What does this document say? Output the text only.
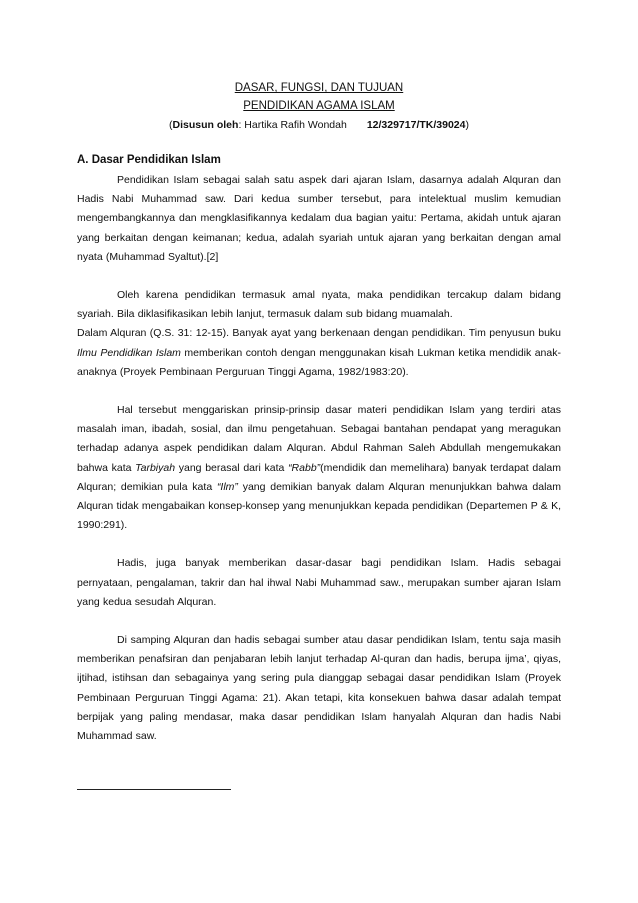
DASAR, FUNGSI, DAN TUJUAN
PENDIDIKAN AGAMA ISLAM
(Disusun oleh: Hartika Rafih Wondah 12/329717/TK/39024)
A. Dasar Pendidikan Islam

Pendidikan Islam sebagai salah satu aspek dari ajaran Islam, dasarnya adalah Alquran dan Hadis Nabi Muhammad saw. Dari kedua sumber tersebut, para intelektual muslim kemudian mengembangkannya dan mengklasifikannya kedalam dua bagian yaitu: Pertama, akidah untuk ajaran yang berkaitan dengan keimanan; kedua, adalah syariah untuk ajaran yang berkaitan dengan amal nyata (Muhammad Syaltut).[2]

Oleh karena pendidikan termasuk amal nyata, maka pendidikan tercakup dalam bidang syariah. Bila diklasifikasikan lebih lanjut, termasuk dalam sub bidang muamalah.

Dalam Alquran (Q.S. 31: 12-15). Banyak ayat yang berkenaan dengan pendidikan. Tim penyusun buku Ilmu Pendidikan Islam memberikan contoh dengan menggunakan kisah Lukman ketika mendidik anak-anaknya (Proyek Pembinaan Perguruan Tinggi Agama, 1982/1983:20).

Hal tersebut menggariskan prinsip-prinsip dasar materi pendidikan Islam yang terdiri atas masalah iman, ibadah, sosial, dan ilmu pengetahuan. Sebagai bantahan pendapat yang meragukan terhadap adanya aspek pendidikan dalam Alquran. Abdul Rahman Saleh Abdullah mengemukakan bahwa kata Tarbiyah yang berasal dari kata “Rabb”(mendidik dan memelihara) banyak terdapat dalam Alquran; demikian pula kata “Ilm” yang demikian banyak dalam Alquran menunjukkan bahwa dalam Alquran tidak mengabaikan konsep-konsep yang menunjukkan kepada pendidikan (Departemen P & K, 1990:291).

Hadis, juga banyak memberikan dasar-dasar bagi pendidikan Islam. Hadis sebagai pernyataan, pengalaman, takrir dan hal ihwal Nabi Muhammad saw., merupakan sumber ajaran Islam yang kedua sesudah Alquran.

Di samping Alquran dan hadis sebagai sumber atau dasar pendidikan Islam, tentu saja masih memberikan penafsiran dan penjabaran lebih lanjut terhadap Al-quran dan hadis, berupa ijma’, qiyas, ijtihad, istihsan dan sebagainya yang sering pula dianggap sebagai dasar pendidikan Islam (Proyek Pembinaan Perguruan Tinggi Agama: 21). Akan tetapi, kita konsekuen bahwa dasar adalah tempat berpijak yang paling mendasar, maka dasar pendidikan Islam hanyalah Alquran dan hadis Nabi Muhammad saw.
